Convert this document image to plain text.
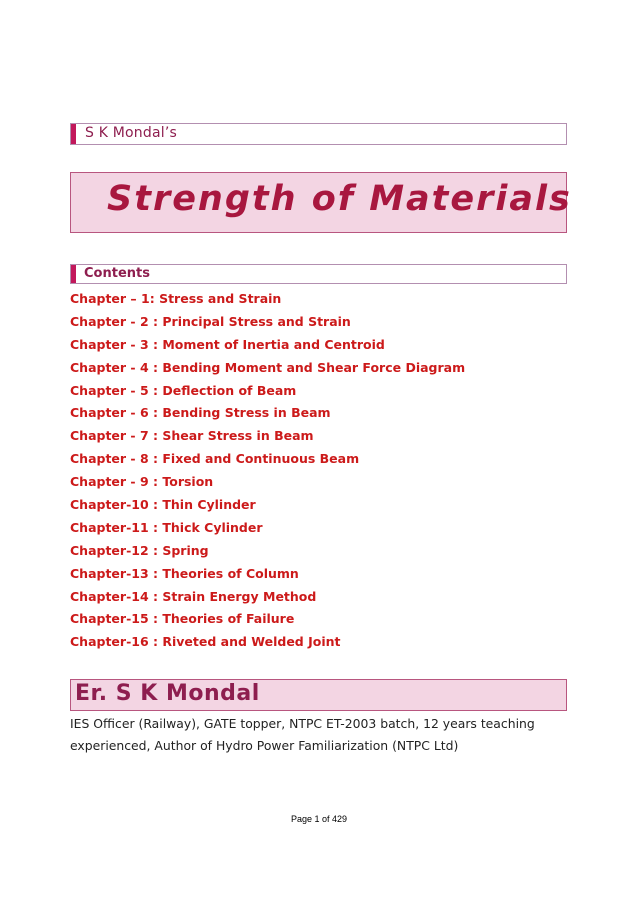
S K Mondal’s
Strength of Materials
Contents
Chapter – 1: Stress and Strain
Chapter - 2 : Principal Stress and Strain
Chapter - 3 : Moment of Inertia and Centroid
Chapter - 4 : Bending Moment and Shear Force Diagram
Chapter - 5 : Deflection of Beam
Chapter - 6 : Bending Stress in Beam
Chapter - 7 : Shear Stress in Beam
Chapter - 8 : Fixed and Continuous Beam
Chapter - 9 : Torsion
Chapter-10 : Thin Cylinder
Chapter-11 : Thick Cylinder
Chapter-12 : Spring
Chapter-13 : Theories of Column
Chapter-14 : Strain Energy Method
Chapter-15 : Theories of Failure
Chapter-16 : Riveted and Welded Joint
Er. S K Mondal

IES Officer (Railway), GATE topper, NTPC ET-2003 batch, 12 years teaching

experienced, Author of Hydro Power Familiarization (NTPC Ltd)

Page 1 of 429
